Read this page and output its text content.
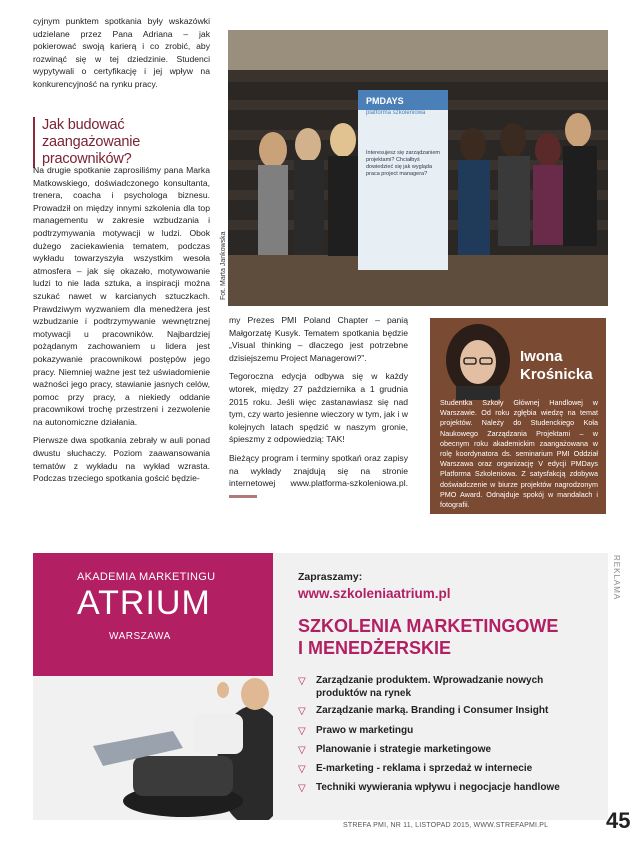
cyjnym punktem spotkania były wskazówki udzielane przez Pana Adriana – jak pokierować swoją karierą i co zrobić, aby rozwinąć się w tej dziedzinie. Studenci wypytywali o certyfikację i jej wpływ na konkurencyjność na rynku pracy.

Jak budować zaangażowanie pracowników?

Na drugie spotkanie zaprosiliśmy pana Marka Matkowskiego, doświadczonego konsultanta, trenera, coacha i psychologa biznesu. Prowadził on między innymi szkolenia dla top managementu w zakresie wzbudzania i podtrzymywania motywacji w ludzi. Obok dużego zaciekawienia tematem, podczas wykładu towarzyszyła wszystkim wesoła atmosfera – jak się okazało, motywowanie ludzi to nie lada sztuka, a inspiracji można szukać nawet w karcianych sztuczkach. Prawdziwym wyzwaniem dla menedżera jest wzbudzanie i podtrzymywanie wewnętrznej motywacji u pracowników. Najbardziej pożądanym zachowaniem u lidera jest pokazywanie pracownikowi postępów jego pracy. Niemniej ważne jest też uświadomienie ważności jego pracy, stawianie jasnych celów, pomoc przy pracy, a niekiedy oddanie pracownikowi trochę przestrzeni i zezwolenie na autonomiczne działania.

Pierwsze dwa spotkania zebrały w auli ponad dwustu słuchaczy. Poziom zaawansowania tematów z wykładu na wykład wzrasta. Podczas trzeciego spotkania gościć będzie-

PMDAYS
platforma szkoleniowa
Interesujesz się zarządzaniem projektami? Chciałbyś dowiedzieć się jak wygląda praca project managera?
Fot. Marta Jankowska

my Prezes PMI Poland Chapter – panią Małgorzatę Kusyk. Tematem spotkania będzie „Visual thinking – dlaczego jest potrzebne dzisiejszemu Project Managerowi?”.

Tegoroczna edycja odbywa się w każdy wtorek, między 27 października a 1 grudnia 2015 roku. Jeśli więc zastanawiasz się nad tym, czy warto jesienne wieczory w tym, jak i w kolejnych latach spędzić w naszym gronie, śpieszmy z odpowiedzią: TAK!

Bieżący program i terminy spotkań oraz zapisy na wykłady znajdują się na stronie internetowej www.platforma-szkoleniowa.pl.

Iwona
Krośnicka
Studentka Szkoły Głównej Handlowej w Warszawie. Od roku zgłębia wiedzę na temat projektów. Należy do Studenckiego Koła Naukowego Zarządzania Projektami – w obecnym roku akademickim zaangażowana w rolę koordynatora ds. seminarium PMI Oddział Warszawa oraz organizację V edycji PMDays Platforma Szkoleniowa. Z satysfakcją zdobywa doświadczenie w biurze projektów nagrodzonym PMO Award. Odnajduje spokój w mandalach i fotografii.
REKLAMA
AKADEMIA MARKETINGU
ATRIUM
WARSZAWA
Zapraszamy:
www.szkoleniaatrium.pl
SZKOLENIA MARKETINGOWE
I MENEDŻERSKIE
▽ Zarządzanie produktem. Wprowadzanie nowych produktów na rynek
▽ Zarządzanie marką. Branding i Consumer Insight
▽ Prawo w marketingu
▽ Planowanie i strategie marketingowe
▽ E-marketing - reklama i sprzedaż w internecie
▽ Techniki wywierania wpływu i negocjacje handlowe
STREFA PMI, NR 11, LISTOPAD 2015, WWW.STREFAPMI.PL	45
